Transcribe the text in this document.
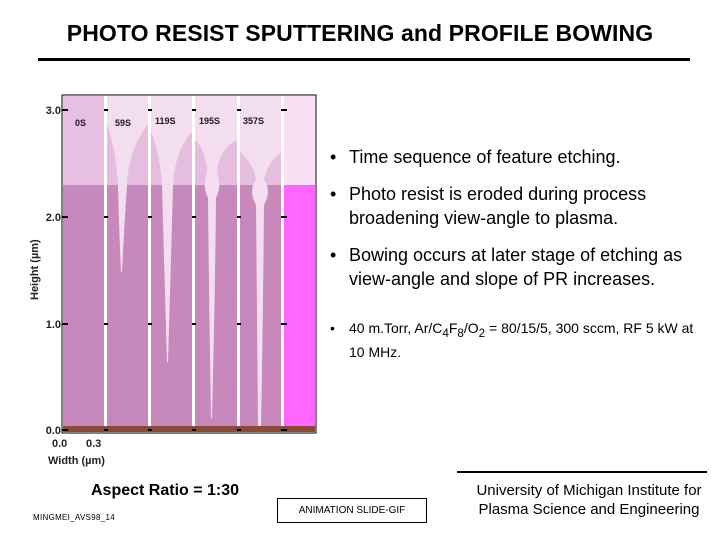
PHOTO RESIST SPUTTERING and PROFILE BOWING
0S	59S	119S	195S	357S
3.0
2.0
1.0
0.0
0.0 0.3
Width (µm)
Height (µm)
• Time sequence of feature etching.
• Photo resist is eroded during process broadening view-angle to plasma.
• Bowing occurs at later stage of etching as view-angle and slope of PR increases.
• 40 m.Torr, $Ar/C_4F_8/O_2 = 80/15/5$, 300 sccm, RF 5 kW at 10 MHz.
Aspect Ratio = 1:30
MINGMEI_AVS98_14
ANIMATION SLIDE-GIF
University of Michigan Institute for Plasma Science and Engineering
